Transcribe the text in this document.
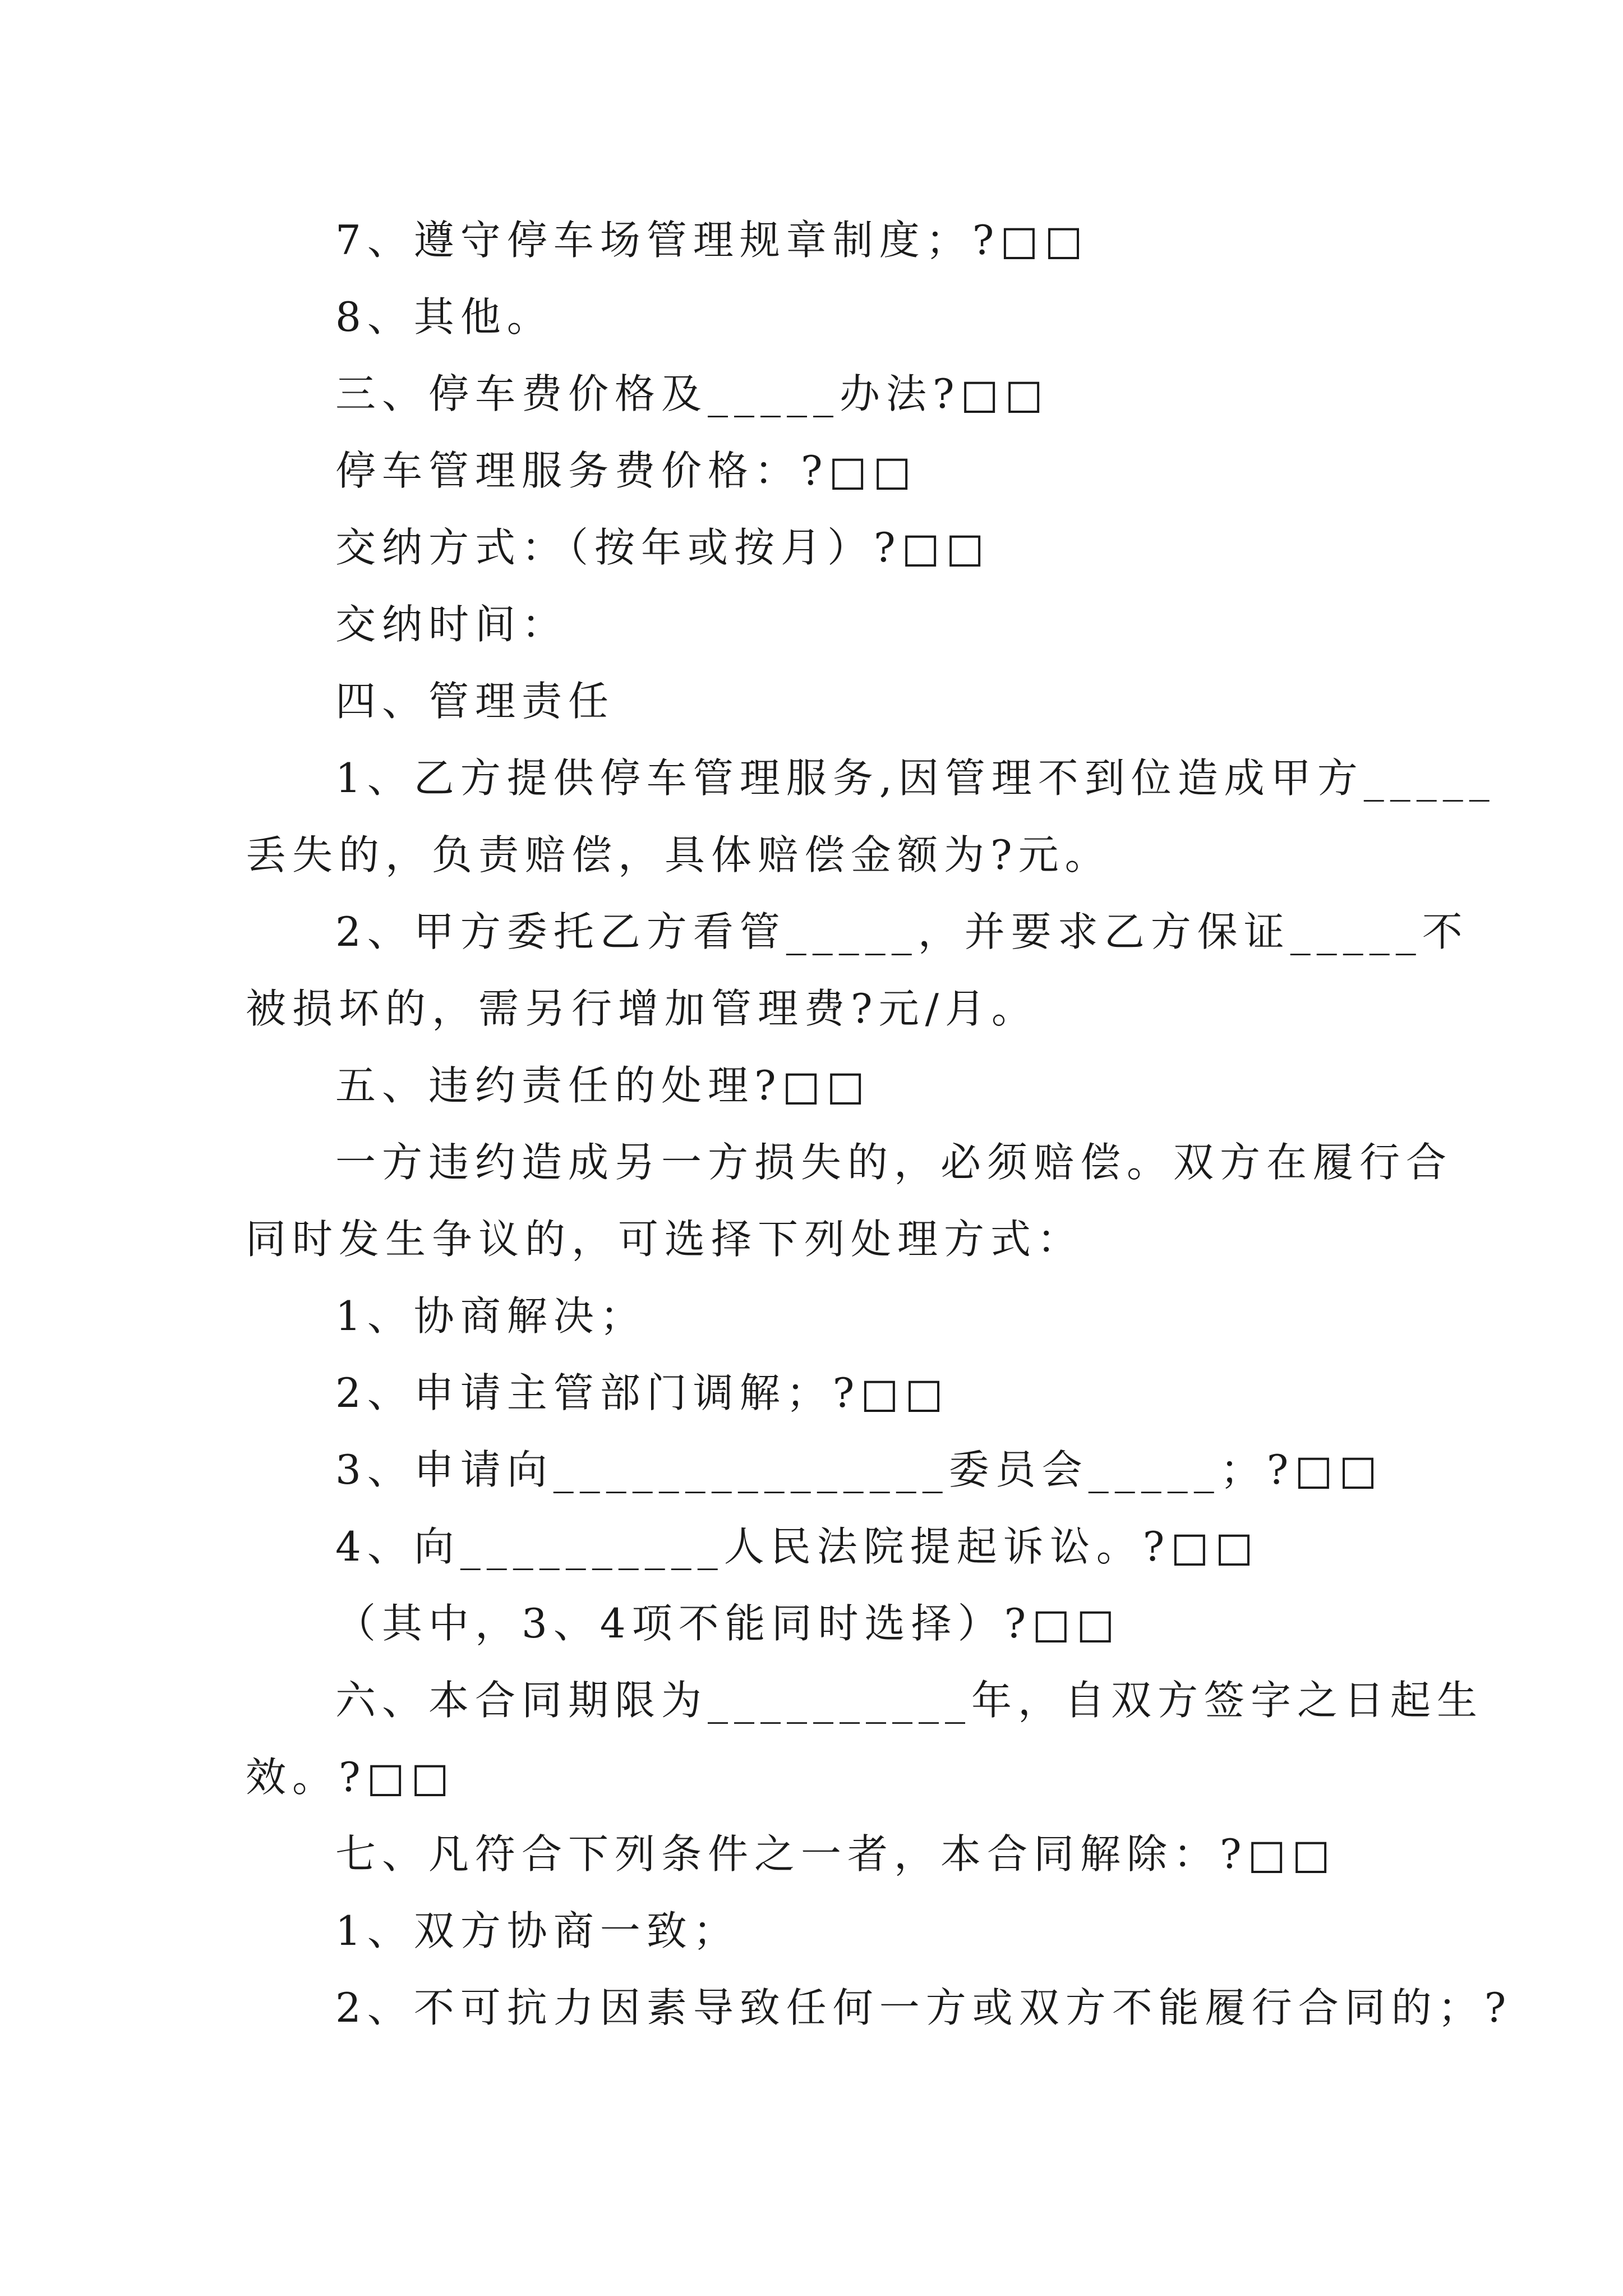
7、遵守停车场管理规章制度；?□□

8、其他。

三、停车费价格及_____办法?□□

停车管理服务费价格：?□□

交纳方式：（按年或按月）?□□

交纳时间：

四、管理责任

1、乙方提供停车管理服务,因管理不到位造成甲方_____

丢失的，负责赔偿，具体赔偿金额为?元。

2、甲方委托乙方看管_____，并要求乙方保证_____不

被损坏的，需另行增加管理费?元/月。

五、违约责任的处理?□□

一方违约造成另一方损失的，必须赔偿。双方在履行合

同时发生争议的，可选择下列处理方式：

1、协商解决；

2、申请主管部门调解；?□□

3、申请向_______________委员会_____；?□□

4、向__________人民法院提起诉讼。?□□

（其中，3、4项不能同时选择）?□□

六、本合同期限为__________年，自双方签字之日起生

效。?□□

七、凡符合下列条件之一者，本合同解除：?□□

1、双方协商一致；

2、不可抗力因素导致任何一方或双方不能履行合同的；?
